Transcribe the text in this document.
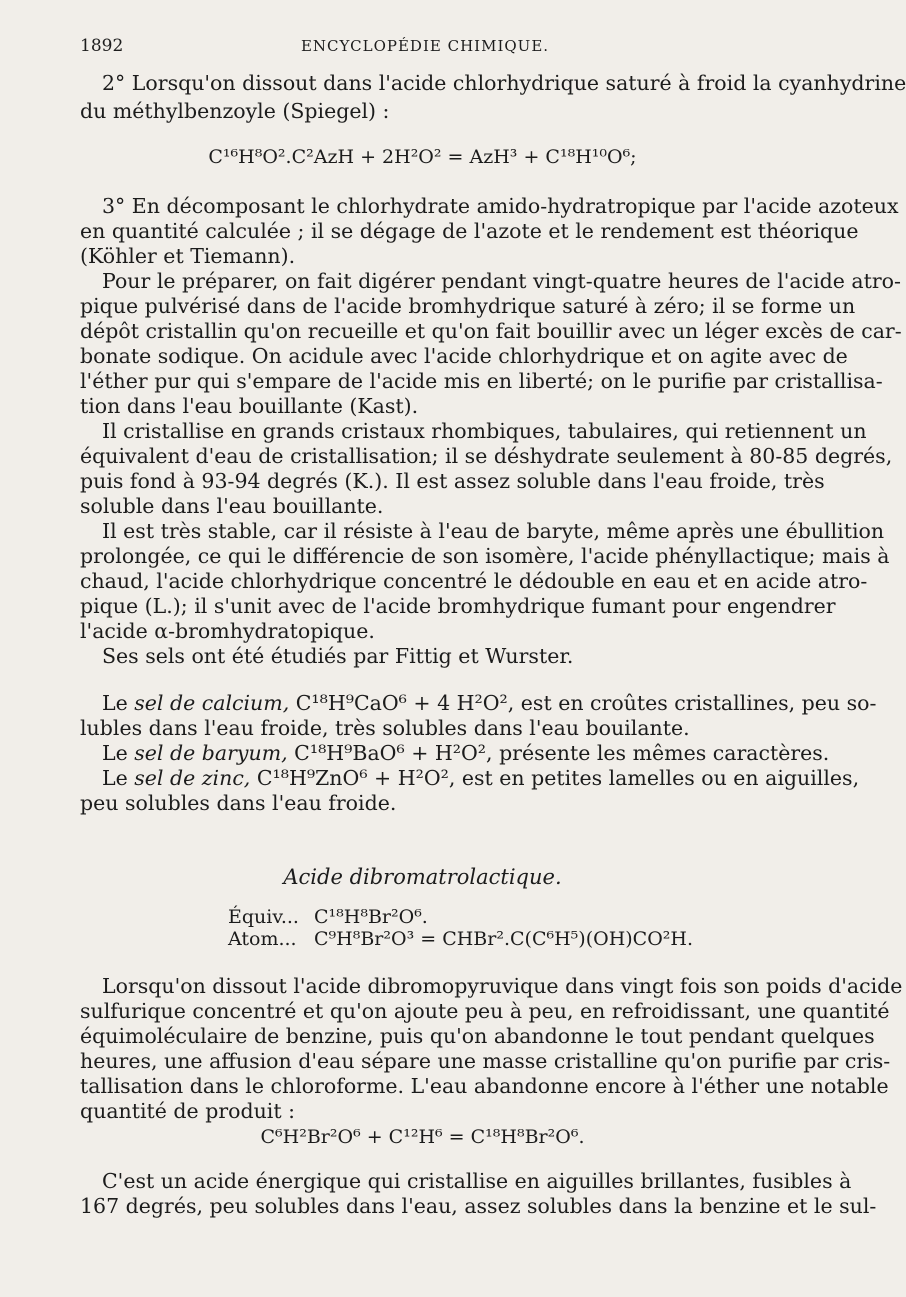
1892	ENCYCLOPÉDIE CHIMIQUE.
2° Lorsqu'on dissout dans l'acide chlorhydrique saturé à froid la cyanhydrine
du méthylbenzoyle (Spiegel) :
C¹⁶H⁸O².C²AzH + 2H²O² = AzH³ + C¹⁸H¹⁰O⁶;
3° En décomposant le chlorhydrate amido-hydratropique par l'acide azoteux
en quantité calculée ; il se dégage de l'azote et le rendement est théorique
(Köhler et Tiemann).
Pour le préparer, on fait digérer pendant vingt-quatre heures de l'acide atro-
pique pulvérisé dans de l'acide bromhydrique saturé à zéro; il se forme un
dépôt cristallin qu'on recueille et qu'on fait bouillir avec un léger excès de car-
bonate sodique. On acidule avec l'acide chlorhydrique et on agite avec de
l'éther pur qui s'empare de l'acide mis en liberté; on le purifie par cristallisa-
tion dans l'eau bouillante (Kast).
Il cristallise en grands cristaux rhombiques, tabulaires, qui retiennent un
équivalent d'eau de cristallisation; il se déshydrate seulement à 80-85 degrés,
puis fond à 93-94 degrés (K.). Il est assez soluble dans l'eau froide, très
soluble dans l'eau bouillante.
Il est très stable, car il résiste à l'eau de baryte, même après une ébullition
prolongée, ce qui le différencie de son isomère, l'acide phényllactique; mais à
chaud, l'acide chlorhydrique concentré le dédouble en eau et en acide atro-
pique (L.); il s'unit avec de l'acide bromhydrique fumant pour engendrer
l'acide α-bromhydratopique.
Ses sels ont été étudiés par Fittig et Wurster.
Le sel de calcium, C¹⁸H⁹CaO⁶ + 4 H²O², est en croûtes cristallines, peu so-
lubles dans l'eau froide, très solubles dans l'eau bouilante.
Le sel de baryum, C¹⁸H⁹BaO⁶ + H²O², présente les mêmes caractères.
Le sel de zinc, C¹⁸H⁹ZnO⁶ + H²O², est en petites lamelles ou en aiguilles,
peu solubles dans l'eau froide.
Acide dibromatrolactique.
Équiv... C¹⁸H⁸Br²O⁶.
Atom... C⁹H⁸Br²O³ = CHBr².C(C⁶H⁵)(OH)CO²H.
Lorsqu'on dissout l'acide dibromopyruvique dans vingt fois son poids d'acide
sulfurique concentré et qu'on ajoute peu à peu, en refroidissant, une quantité
équimoléculaire de benzine, puis qu'on abandonne le tout pendant quelques
heures, une affusion d'eau sépare une masse cristalline qu'on purifie par cris-
tallisation dans le chloroforme. L'eau abandonne encore à l'éther une notable
quantité de produit :
C⁶H²Br²O⁶ + C¹²H⁶ = C¹⁸H⁸Br²O⁶.
C'est un acide énergique qui cristallise en aiguilles brillantes, fusibles à
167 degrés, peu solubles dans l'eau, assez solubles dans la benzine et le sul-
